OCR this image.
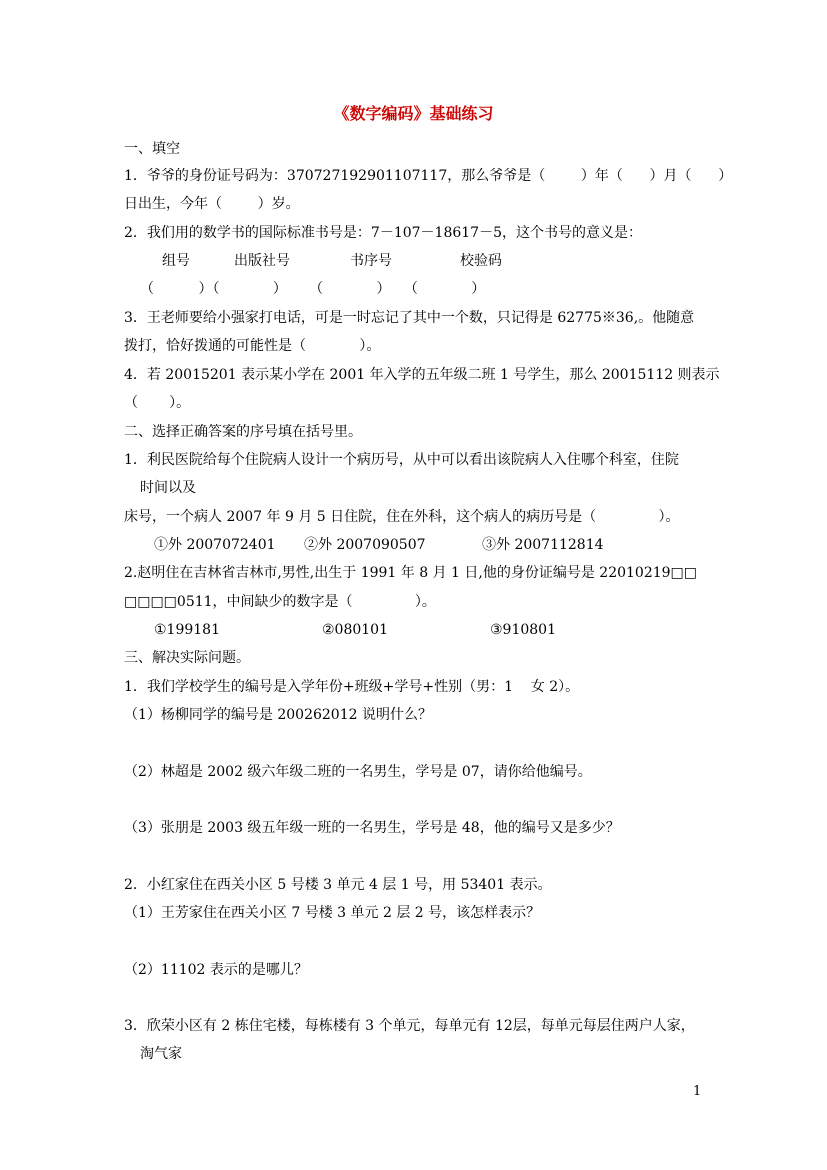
《数字编码》基础练习
一、填空
1．爷爷的身份证号码为：370727192901107117，那么爷爷是（        ）年（      ）月（      ）
日出生，今年（        ）岁。
2．我们用的数学书的国际标准书号是：7－107－18617－5，这个书号的意义是：
组号	出版社号	书序号	校验码
（          ）（            ）     （            ）   （            ）
3．王老师要给小强家打电话，可是一时忘记了其中一个数，只记得是 62775※36,。他随意
拨打，恰好拨通的可能性是（            ）。
4．若 20015201 表示某小学在 2001 年入学的五年级二班 1 号学生，那么 20015112 则表示
（       ）。
二、选择正确答案的序号填在括号里。
1．利民医院给每个住院病人设计一个病历号，从中可以看出该院病人入住哪个科室，住院
时间以及
床号，一个病人 2007 年 9 月 5 日住院，住在外科，这个病人的病历号是（              ）。
①外 2007072401 ②外 2007090507	③外 2007112814
2.赵明住在吉林省吉林市,男性,出生于 1991 年 8 月 1 日,他的身份证编号是 22010219□□
□□□□0511，中间缺少的数字是（              ）。
①199181	②080101	③910801
三、解决实际问题。
1．我们学校学生的编号是入学年份+班级+学号+性别（男：1    女 2）。
（1）杨柳同学的编号是 200262012 说明什么？
（2）林超是 2002 级六年级二班的一名男生，学号是 07，请你给他编号。
（3）张朋是 2003 级五年级一班的一名男生，学号是 48，他的编号又是多少？
2．小红家住在西关小区 5 号楼 3 单元 4 层 1 号，用 53401 表示。
（1）王芳家住在西关小区 7 号楼 3 单元 2 层 2 号，该怎样表示？
（2）11102 表示的是哪儿？
3．欣荣小区有 2 栋住宅楼，每栋楼有 3 个单元，每单元有 12层，每单元每层住两户人家，
淘气家
1
